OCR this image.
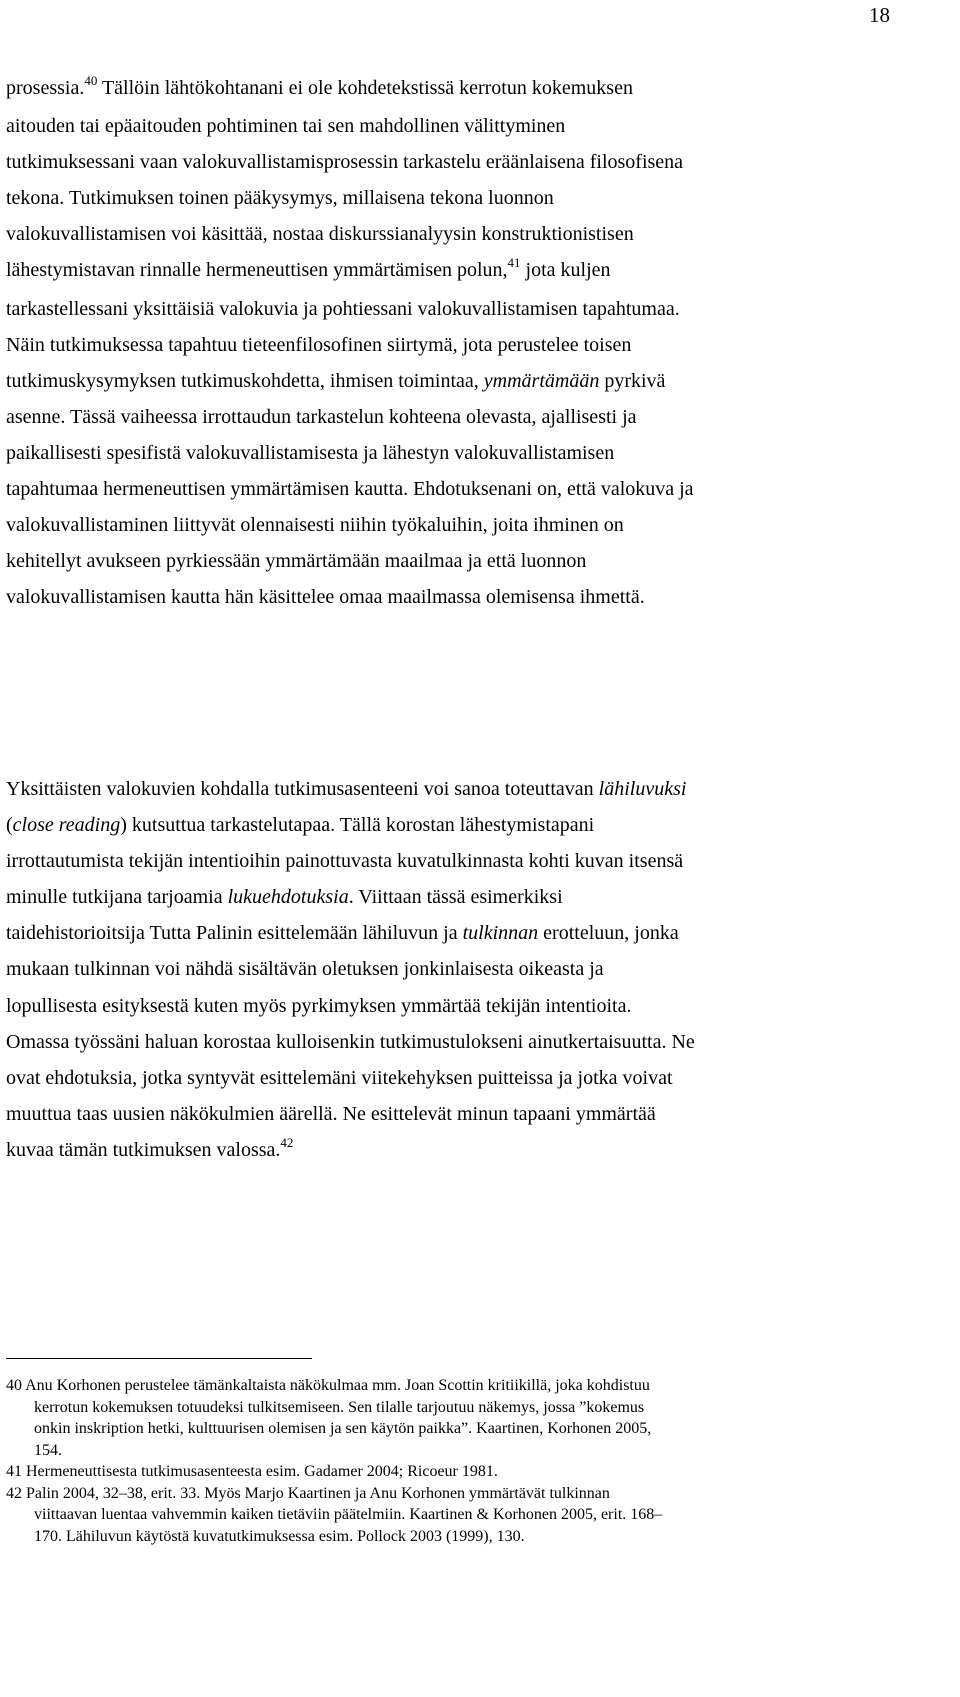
18
prosessia.$^{40}$ Tällöin lähtökohtanani ei ole kohdetekstissä kerrotun kokemuksen
aitouden tai epäaitouden pohtiminen tai sen mahdollinen välittyminen
tutkimuksessani vaan valokuvallistamisprosessin tarkastelu eräänlaisena filosofisena
tekona. Tutkimuksen toinen pääkysymys, millaisena tekona luonnon
valokuvallistamisen voi käsittää, nostaa diskurssianalyysin konstruktionistisen
lähestymistavan rinnalle hermeneuttisen ymmärtämisen polun,$^{41}$ jota kuljen
tarkastellessani yksittäisiä valokuvia ja pohtiessani valokuvallistamisen tapahtumaa.
Näin tutkimuksessa tapahtuu tieteenfilosofinen siirtymä, jota perustelee toisen
tutkimuskysymyksen tutkimuskohdetta, ihmisen toimintaa, ymmärtämään pyrkivä
asenne. Tässä vaiheessa irrottaudun tarkastelun kohteena olevasta, ajallisesti ja
paikallisesti spesifistä valokuvallistamisesta ja lähestyn valokuvallistamisen
tapahtumaa hermeneuttisen ymmärtämisen kautta. Ehdotuksenani on, että valokuva ja
valokuvallistaminen liittyvät olennaisesti niihin työkaluihin, joita ihminen on
kehitellyt avukseen pyrkiessään ymmärtämään maailmaa ja että luonnon
valokuvallistamisen kautta hän käsittelee omaa maailmassa olemisensa ihmettä.
Yksittäisten valokuvien kohdalla tutkimusasenteeni voi sanoa toteuttavan lähiluvuksi
(close reading) kutsuttua tarkastelutapaa. Tällä korostan lähestymistapani
irrottautumista tekijän intentioihin painottuvasta kuvatulkinnasta kohti kuvan itsensä
minulle tutkijana tarjoamia lukuehdotuksia. Viittaan tässä esimerkiksi
taidehistorioitsija Tutta Palinin esittelemään lähiluvun ja tulkinnan erotteluun, jonka
mukaan tulkinnan voi nähdä sisältävän oletuksen jonkinlaisesta oikeasta ja
lopullisesta esityksestä kuten myös pyrkimyksen ymmärtää tekijän intentioita.
Omassa työssäni haluan korostaa kulloisenkin tutkimustulokseni ainutkertaisuutta. Ne
ovat ehdotuksia, jotka syntyvät esittelemäni viitekehyksen puitteissa ja jotka voivat
muuttua taas uusien näkökulmien äärellä. Ne esittelevät minun tapaani ymmärtää
kuvaa tämän tutkimuksen valossa.$^{42}$
40 Anu Korhonen perustelee tämänkaltaista näkökulmaa mm. Joan Scottin kritiikillä, joka kohdistuu
kerrotun kokemuksen totuudeksi tulkitsemiseen. Sen tilalle tarjoutuu näkemys, jossa ”kokemus
onkin inskription hetki, kulttuurisen olemisen ja sen käytön paikka”. Kaartinen, Korhonen 2005,
154.
41 Hermeneuttisesta tutkimusasenteesta esim. Gadamer 2004; Ricoeur 1981.
42 Palin 2004, 32–38, erit. 33. Myös Marjo Kaartinen ja Anu Korhonen ymmärtävät tulkinnan
viittaavan luentaa vahvemmin kaiken tietäviin päätelmiin. Kaartinen & Korhonen 2005, erit. 168–
170. Lähiluvun käytöstä kuvatutkimuksessa esim. Pollock 2003 (1999), 130.
